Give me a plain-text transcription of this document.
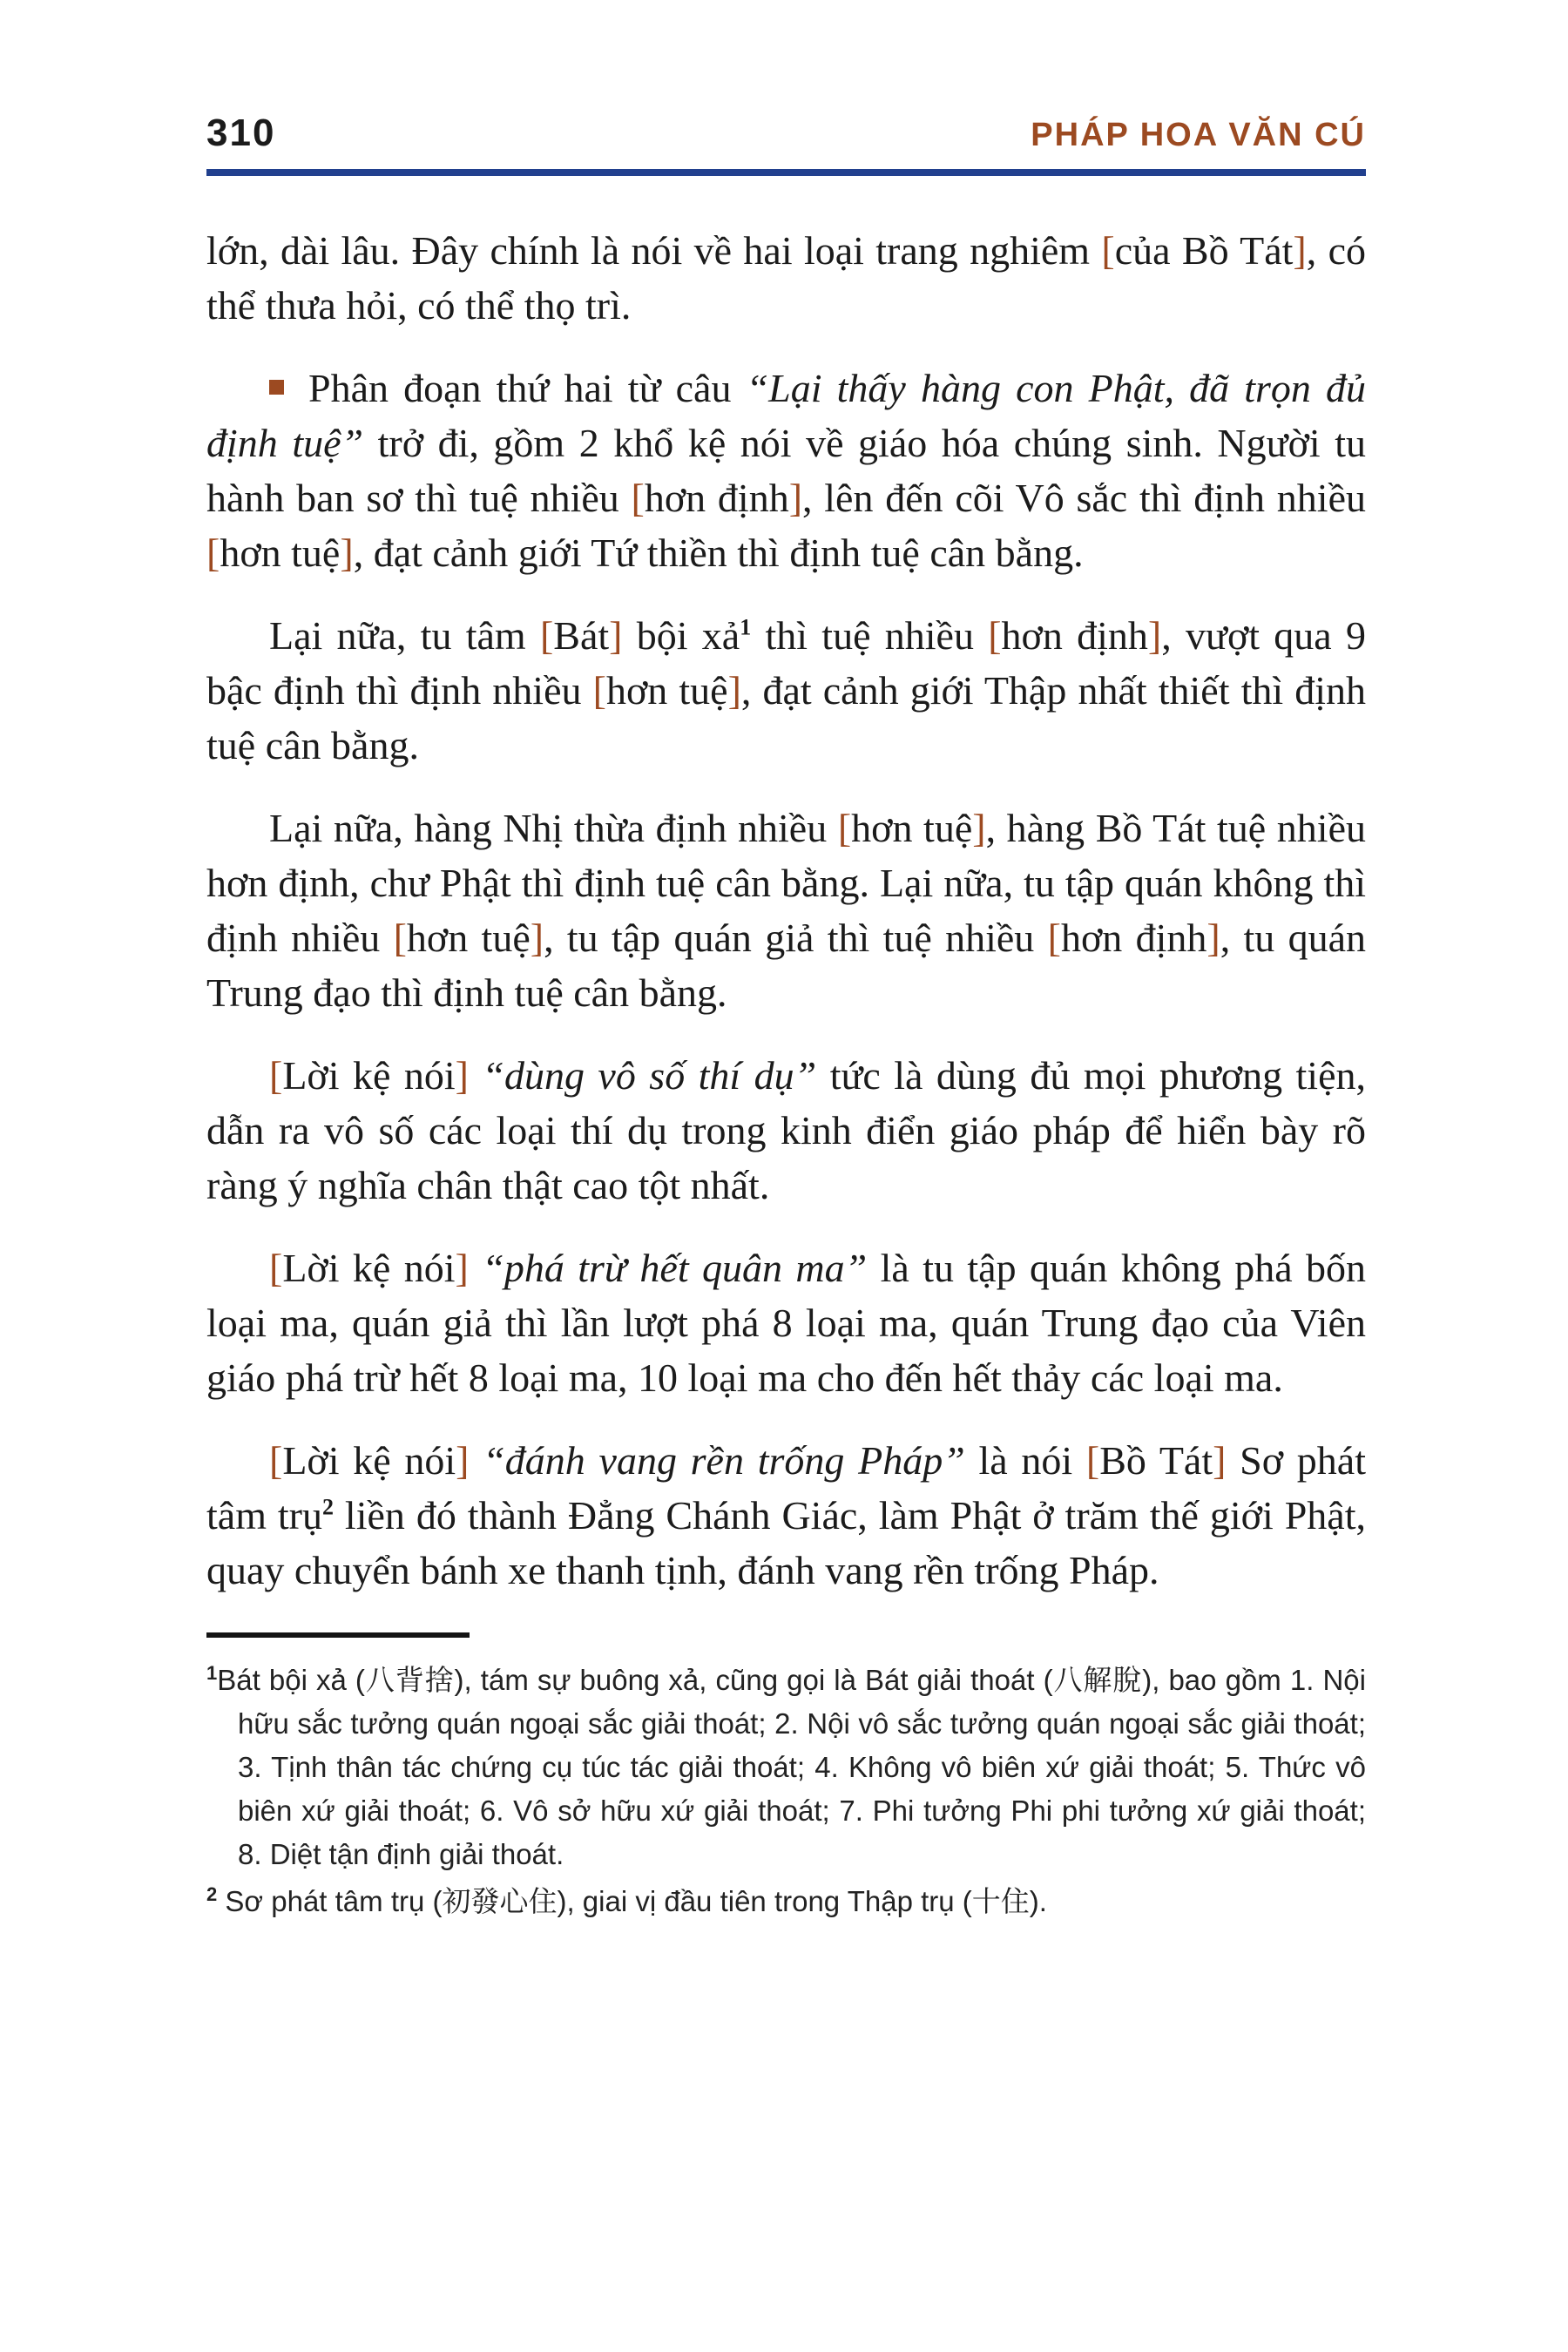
310	PHÁP HOA VĂN CÚ

lớn, dài lâu. Đây chính là nói về hai loại trang nghiêm [của Bồ Tát], có thể thưa hỏi, có thể thọ trì.

Phân đoạn thứ hai từ câu “Lại thấy hàng con Phật, đã trọn đủ định tuệ” trở đi, gồm 2 khổ kệ nói về giáo hóa chúng sinh. Người tu hành ban sơ thì tuệ nhiều [hơn định], lên đến cõi Vô sắc thì định nhiều [hơn tuệ], đạt cảnh giới Tứ thiền thì định tuệ cân bằng.

Lại nữa, tu tâm [Bát] bội xả$^1$ thì tuệ nhiều [hơn định], vượt qua 9 bậc định thì định nhiều [hơn tuệ], đạt cảnh giới Thập nhất thiết thì định tuệ cân bằng.

Lại nữa, hàng Nhị thừa định nhiều [hơn tuệ], hàng Bồ Tát tuệ nhiều hơn định, chư Phật thì định tuệ cân bằng. Lại nữa, tu tập quán không thì định nhiều [hơn tuệ], tu tập quán giả thì tuệ nhiều [hơn định], tu quán Trung đạo thì định tuệ cân bằng.

[Lời kệ nói] “dùng vô số thí dụ” tức là dùng đủ mọi phương tiện, dẫn ra vô số các loại thí dụ trong kinh điển giáo pháp để hiển bày rõ ràng ý nghĩa chân thật cao tột nhất.

[Lời kệ nói] “phá trừ hết quân ma” là tu tập quán không phá bốn loại ma, quán giả thì lần lượt phá 8 loại ma, quán Trung đạo của Viên giáo phá trừ hết 8 loại ma, 10 loại ma cho đến hết thảy các loại ma.

[Lời kệ nói] “đánh vang rền trống Pháp” là nói [Bồ Tát] Sơ phát tâm trụ$^2$ liền đó thành Đẳng Chánh Giác, làm Phật ở trăm thế giới Phật, quay chuyển bánh xe thanh tịnh, đánh vang rền trống Pháp.

$^1$Bát bội xả (八背捨), tám sự buông xả, cũng gọi là Bát giải thoát (八解脫), bao gồm 1. Nội hữu sắc tưởng quán ngoại sắc giải thoát; 2. Nội vô sắc tưởng quán ngoại sắc giải thoát; 3. Tịnh thân tác chứng cụ túc tác giải thoát; 4. Không vô biên xứ giải thoát; 5. Thức vô biên xứ giải thoát; 6. Vô sở hữu xứ giải thoát; 7. Phi tưởng Phi phi tưởng xứ giải thoát; 8. Diệt tận định giải thoát.

$^2$ Sơ phát tâm trụ (初發心住), giai vị đầu tiên trong Thập trụ (十住).
